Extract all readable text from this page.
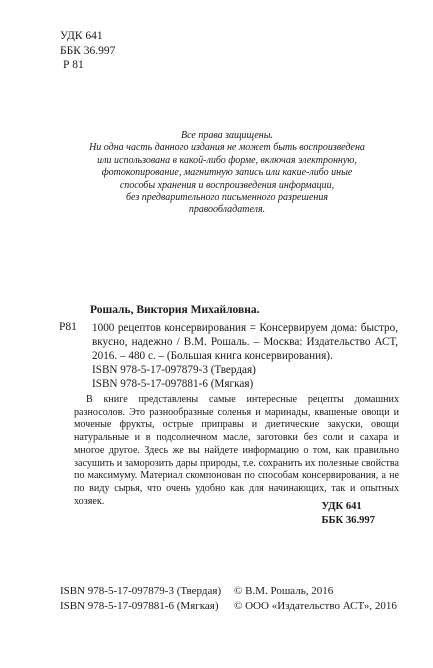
УДК 641
ББК 36.997
Р 81
Все права защищены.
Ни одна часть данного издания не может быть воспроизведена
или использована в какой-либо форме, включая электронную,
фотокопирование, магнитную запись или какие-либо иные
способы хранения и воспроизведения информации,
без предварительного письменного разрешения
правообладателя.
Рошаль, Виктория Михайловна.
Р81 1000 рецептов консервирования = Консервируем дома: быстро, вкусно, надежно / В.М. Рошаль. – Москва: Издательство АСТ, 2016. – 480 с. – (Большая книга консервирования).
ISBN 978-5-17-097879-3 (Твердая)
ISBN 978-5-17-097881-6 (Мягкая)
В книге представлены самые интересные рецепты домашних разносолов. Это разнообразные соленья и маринады, квашеные овощи и моченые фрукты, острые приправы и диетические закуски, овощи натуральные и в подсолнечном масле, заготовки без соли и сахара и многое другое. Здесь же вы найдете информацию о том, как правильно засушить и заморозить дары природы, т.е. сохранить их полезные свойства по максимуму. Материал скомпонован по способам консервирования, а не по виду сырья, что очень удобно как для начинающих, так и опытных хозяек.	УДК 641
ББК 36.997
ISBN 978-5-17-097879-3 (Твердая)
ISBN 978-5-17-097881-6 (Мягкая)
© В.М. Рошаль, 2016
© ООО «Издательство АСТ», 2016
